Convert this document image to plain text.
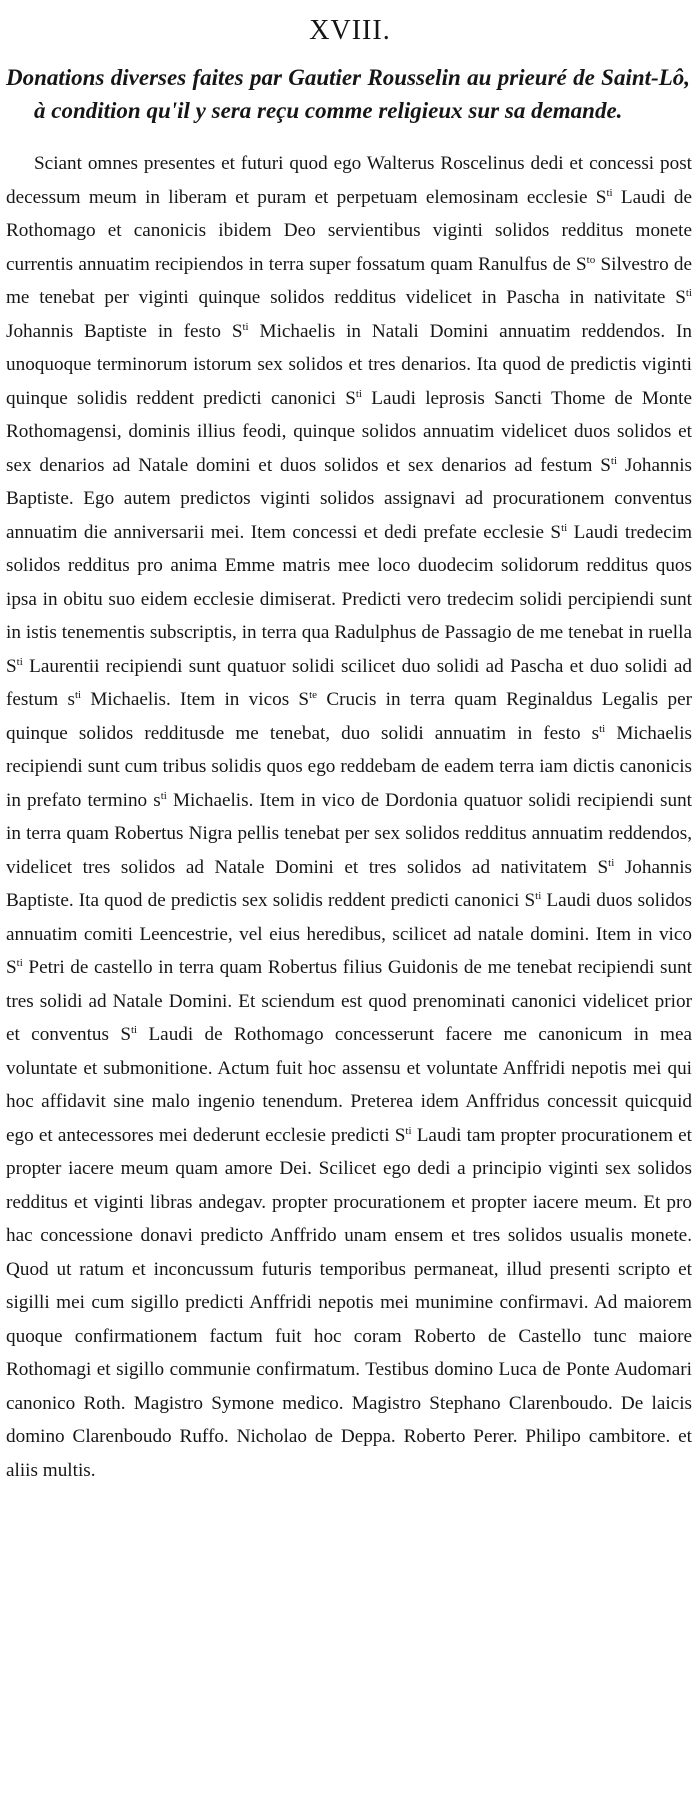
XVIII.
Donations diverses faites par Gautier Rousselin au prieuré de Saint-Lô, à condition qu'il y sera reçu comme religieux sur sa demande.
Sciant omnes presentes et futuri quod ego Walterus Roscelinus dedi et concessi post decessum meum in liberam et puram et perpetuam elemosinam ecclesie $S^{ti}$ Laudi de Rothomago et canonicis ibidem Deo servientibus viginti solidos redditus monete currentis annuatim recipiendos in terra super fossatum quam Ranulfus de $S^{to}$ Silvestro de me tenebat per viginti quinque solidos redditus videlicet in Pascha in nativitate $S^{ti}$ Johannis Baptiste in festo $S^{ti}$ Michaelis in Natali Domini annuatim reddendos. In unoquoque terminorum istorum sex solidos et tres denarios. Ita quod de predictis viginti quinque solidis reddent predicti canonici $S^{ti}$ Laudi leprosis Sancti Thome de Monte Rothomagensi, dominis illius feodi, quinque solidos annuatim videlicet duos solidos et sex denarios ad Natale domini et duos solidos et sex denarios ad festum $S^{ti}$ Johannis Baptiste. Ego autem predictos viginti solidos assignavi ad procurationem conventus annuatim die anniversarii mei. Item concessi et dedi prefate ecclesie $S^{ti}$ Laudi tredecim solidos redditus pro anima Emme matris mee loco duodecim solidorum redditus quos ipsa in obitu suo eidem ecclesie dimiserat. Predicti vero tredecim solidi percipiendi sunt in istis tenementis subscriptis, in terra qua Radulphus de Passagio de me tenebat in ruella $S^{ti}$ Laurentii recipiendi sunt quatuor solidi scilicet duo solidi ad Pascha et duo solidi ad festum $s^{ti}$ Michaelis. Item in vicos $S^{te}$ Crucis in terra quam Reginaldus Legalis per quinque solidos redditusde me tenebat, duo solidi annuatim in festo $s^{ti}$ Michaelis recipiendi sunt cum tribus solidis quos ego reddebam de eadem terra iam dictis canonicis in prefato termino $s^{ti}$ Michaelis. Item in vico de Dordonia quatuor solidi recipiendi sunt in terra quam Robertus Nigra pellis tenebat per sex solidos redditus annuatim reddendos, videlicet tres solidos ad Natale Domini et tres solidos ad nativitatem $S^{ti}$ Johannis Baptiste. Ita quod de predictis sex solidis reddent predicti canonici $S^{ti}$ Laudi duos solidos annuatim comiti Leencestrie, vel eius heredibus, scilicet ad natale domini. Item in vico $S^{ti}$ Petri de castello in terra quam Robertus filius Guidonis de me tenebat recipiendi sunt tres solidi ad Natale Domini. Et sciendum est quod prenominati canonici videlicet prior et conventus $S^{ti}$ Laudi de Rothomago concesserunt facere me canonicum in mea voluntate et submonitione. Actum fuit hoc assensu et voluntate Anffridi nepotis mei qui hoc affidavit sine malo ingenio tenendum. Preterea idem Anffridus concessit quicquid ego et antecessores mei dederunt ecclesie predicti $S^{ti}$ Laudi tam propter procurationem et propter iacere meum quam amore Dei. Scilicet ego dedi a principio viginti sex solidos redditus et viginti libras andegav. propter procurationem et propter iacere meum. Et pro hac concessione donavi predicto Anffrido unam ensem et tres solidos usualis monete. Quod ut ratum et inconcussum futuris temporibus permaneat, illud presenti scripto et sigilli mei cum sigillo predicti Anffridi nepotis mei munimine confirmavi. Ad maiorem quoque confirmationem factum fuit hoc coram Roberto de Castello tunc maiore Rothomagi et sigillo communie confirmatum. Testibus domino Luca de Ponte Audomari canonico Roth. Magistro Symone medico. Magistro Stephano Clarenboudo. De laicis domino Clarenboudo Ruffo. Nicholao de Deppa. Roberto Perer. Philipo cambitore. et aliis multis.
